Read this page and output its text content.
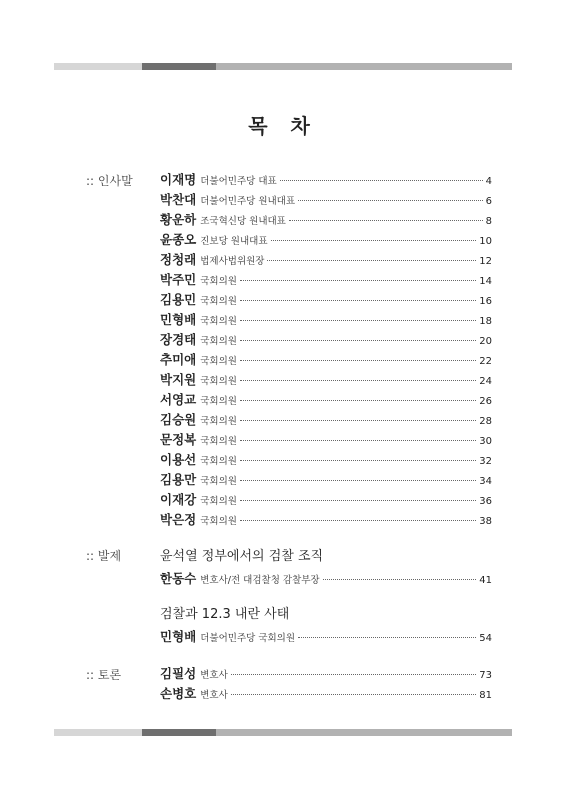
목 차
:: 인사말 이재명 더불어민주당 대표	4
박찬대 더불어민주당 원내대표	6
황운하 조국혁신당 원내대표	8
윤종오 진보당 원내대표	10
정청래 법제사법위원장	12
박주민 국회의원	14
김용민 국회의원	16
민형배 국회의원	18
장경태 국회의원	20
추미애 국회의원	22
박지원 국회의원	24
서영교 국회의원	26
김승원 국회의원	28
문정복 국회의원	30
이용선 국회의원	32
김용만 국회의원	34
이재강 국회의원	36
박은정 국회의원	38
:: 발제	윤석열 정부에서의 검찰 조직
한동수 변호사/전 대검찰청 감찰부장	41
검찰과 12.3 내란 사태
민형배 더불어민주당 국회의원	54
:: 토론	김필성 변호사	73
손병호 변호사	81
